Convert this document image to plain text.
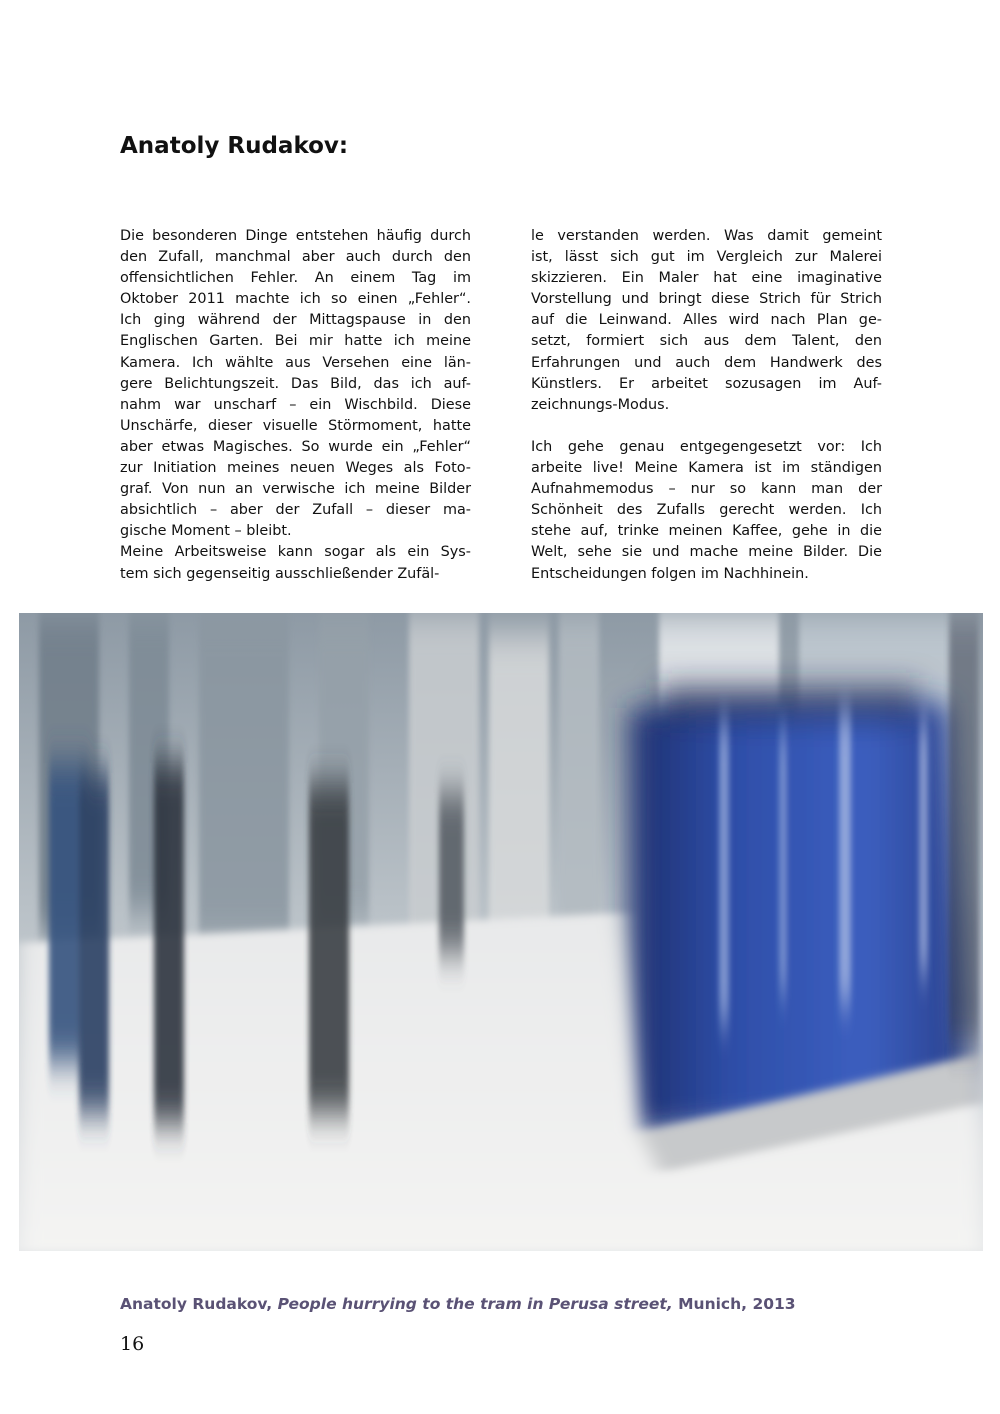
Anatoly Rudakov:
Die besonderen Dinge entstehen häufig durch
den Zufall, manchmal aber auch durch den
offensichtlichen Fehler. An einem Tag im
Oktober 2011 machte ich so einen „Fehler“.
Ich ging während der Mittagspause in den
Englischen Garten. Bei mir hatte ich meine
Kamera. Ich wählte aus Versehen eine län-
gere Belichtungszeit. Das Bild, das ich auf-
nahm war unscharf – ein Wischbild. Diese
Unschärfe, dieser visuelle Störmoment, hatte
aber etwas Magisches. So wurde ein „Fehler“
zur Initiation meines neuen Weges als Foto-
graf. Von nun an verwische ich meine Bilder
absichtlich – aber der Zufall – dieser ma-
gische Moment – bleibt.
Meine Arbeitsweise kann sogar als ein Sys-
tem sich gegenseitig ausschließender Zufäl-
le verstanden werden. Was damit gemeint
ist, lässt sich gut im Vergleich zur Malerei
skizzieren. Ein Maler hat eine imaginative
Vorstellung und bringt diese Strich für Strich
auf die Leinwand. Alles wird nach Plan ge-
setzt, formiert sich aus dem Talent, den
Erfahrungen und auch dem Handwerk des
Künstlers. Er arbeitet sozusagen im Auf-
zeichnungs-Modus.
Ich gehe genau entgegengesetzt vor: Ich
arbeite live! Meine Kamera ist im ständigen
Aufnahmemodus – nur so kann man der
Schönheit des Zufalls gerecht werden. Ich
stehe auf, trinke meinen Kaffee, gehe in die
Welt, sehe sie und mache meine Bilder. Die
Entscheidungen folgen im Nachhinein.
Anatoly Rudakov, People hurrying to the tram in Perusa street, Munich, 2013
16
